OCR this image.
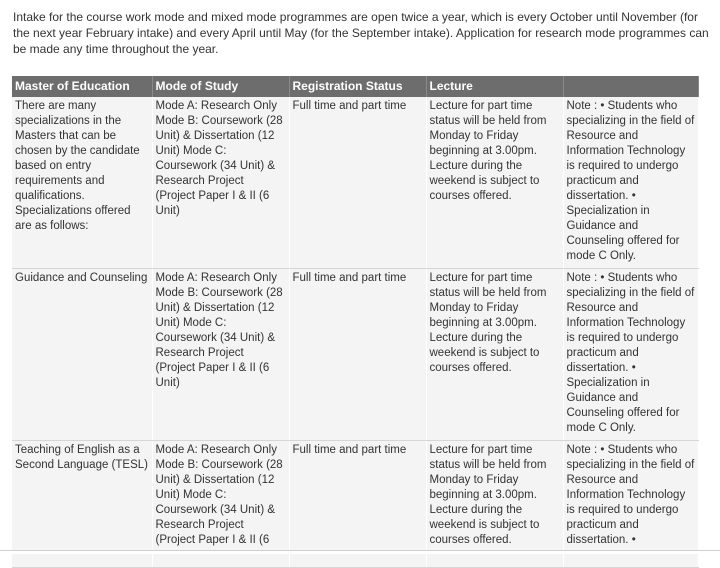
Intake for the course work mode and mixed mode programmes are open twice a year, which is every October until November (for the next year February intake) and every April until May (for the September intake). Application for research mode programmes can be made any time throughout the year.

Master of Education	Mode of Study	Registration Status	Lecture	
There are many specializations in the Masters that can be chosen by the candidate based on entry requirements and qualifications. Specializations offered are as follows:	Mode A: Research Only Mode B: Coursework (28 Unit) & Dissertation (12 Unit) Mode C: Coursework (34 Unit) & Research Project (Project Paper I & II (6 Unit)	Full time and part time	Lecture for part time status will be held from Monday to Friday beginning at 3.00pm. Lecture during the weekend is subject to courses offered.	Note : • Students who specializing in the field of Resource and Information Technology is required to undergo practicum and dissertation. • Specialization in Guidance and Counseling offered for mode C Only.
Guidance and Counseling	Mode A: Research Only Mode B: Coursework (28 Unit) & Dissertation (12 Unit) Mode C: Coursework (34 Unit) & Research Project (Project Paper I & II (6 Unit)	Full time and part time	Lecture for part time status will be held from Monday to Friday beginning at 3.00pm. Lecture during the weekend is subject to courses offered.	Note : • Students who specializing in the field of Resource and Information Technology is required to undergo practicum and dissertation. • Specialization in Guidance and Counseling offered for mode C Only.
Teaching of English as a Second Language (TESL)	Mode A: Research Only Mode B: Coursework (28 Unit) & Dissertation (12 Unit) Mode C: Coursework (34 Unit) & Research Project (Project Paper I & II (6	Full time and part time	Lecture for part time status will be held from Monday to Friday beginning at 3.00pm. Lecture during the weekend is subject to courses offered.	Note : • Students who specializing in the field of Resource and Information Technology is required to undergo practicum and dissertation. •
